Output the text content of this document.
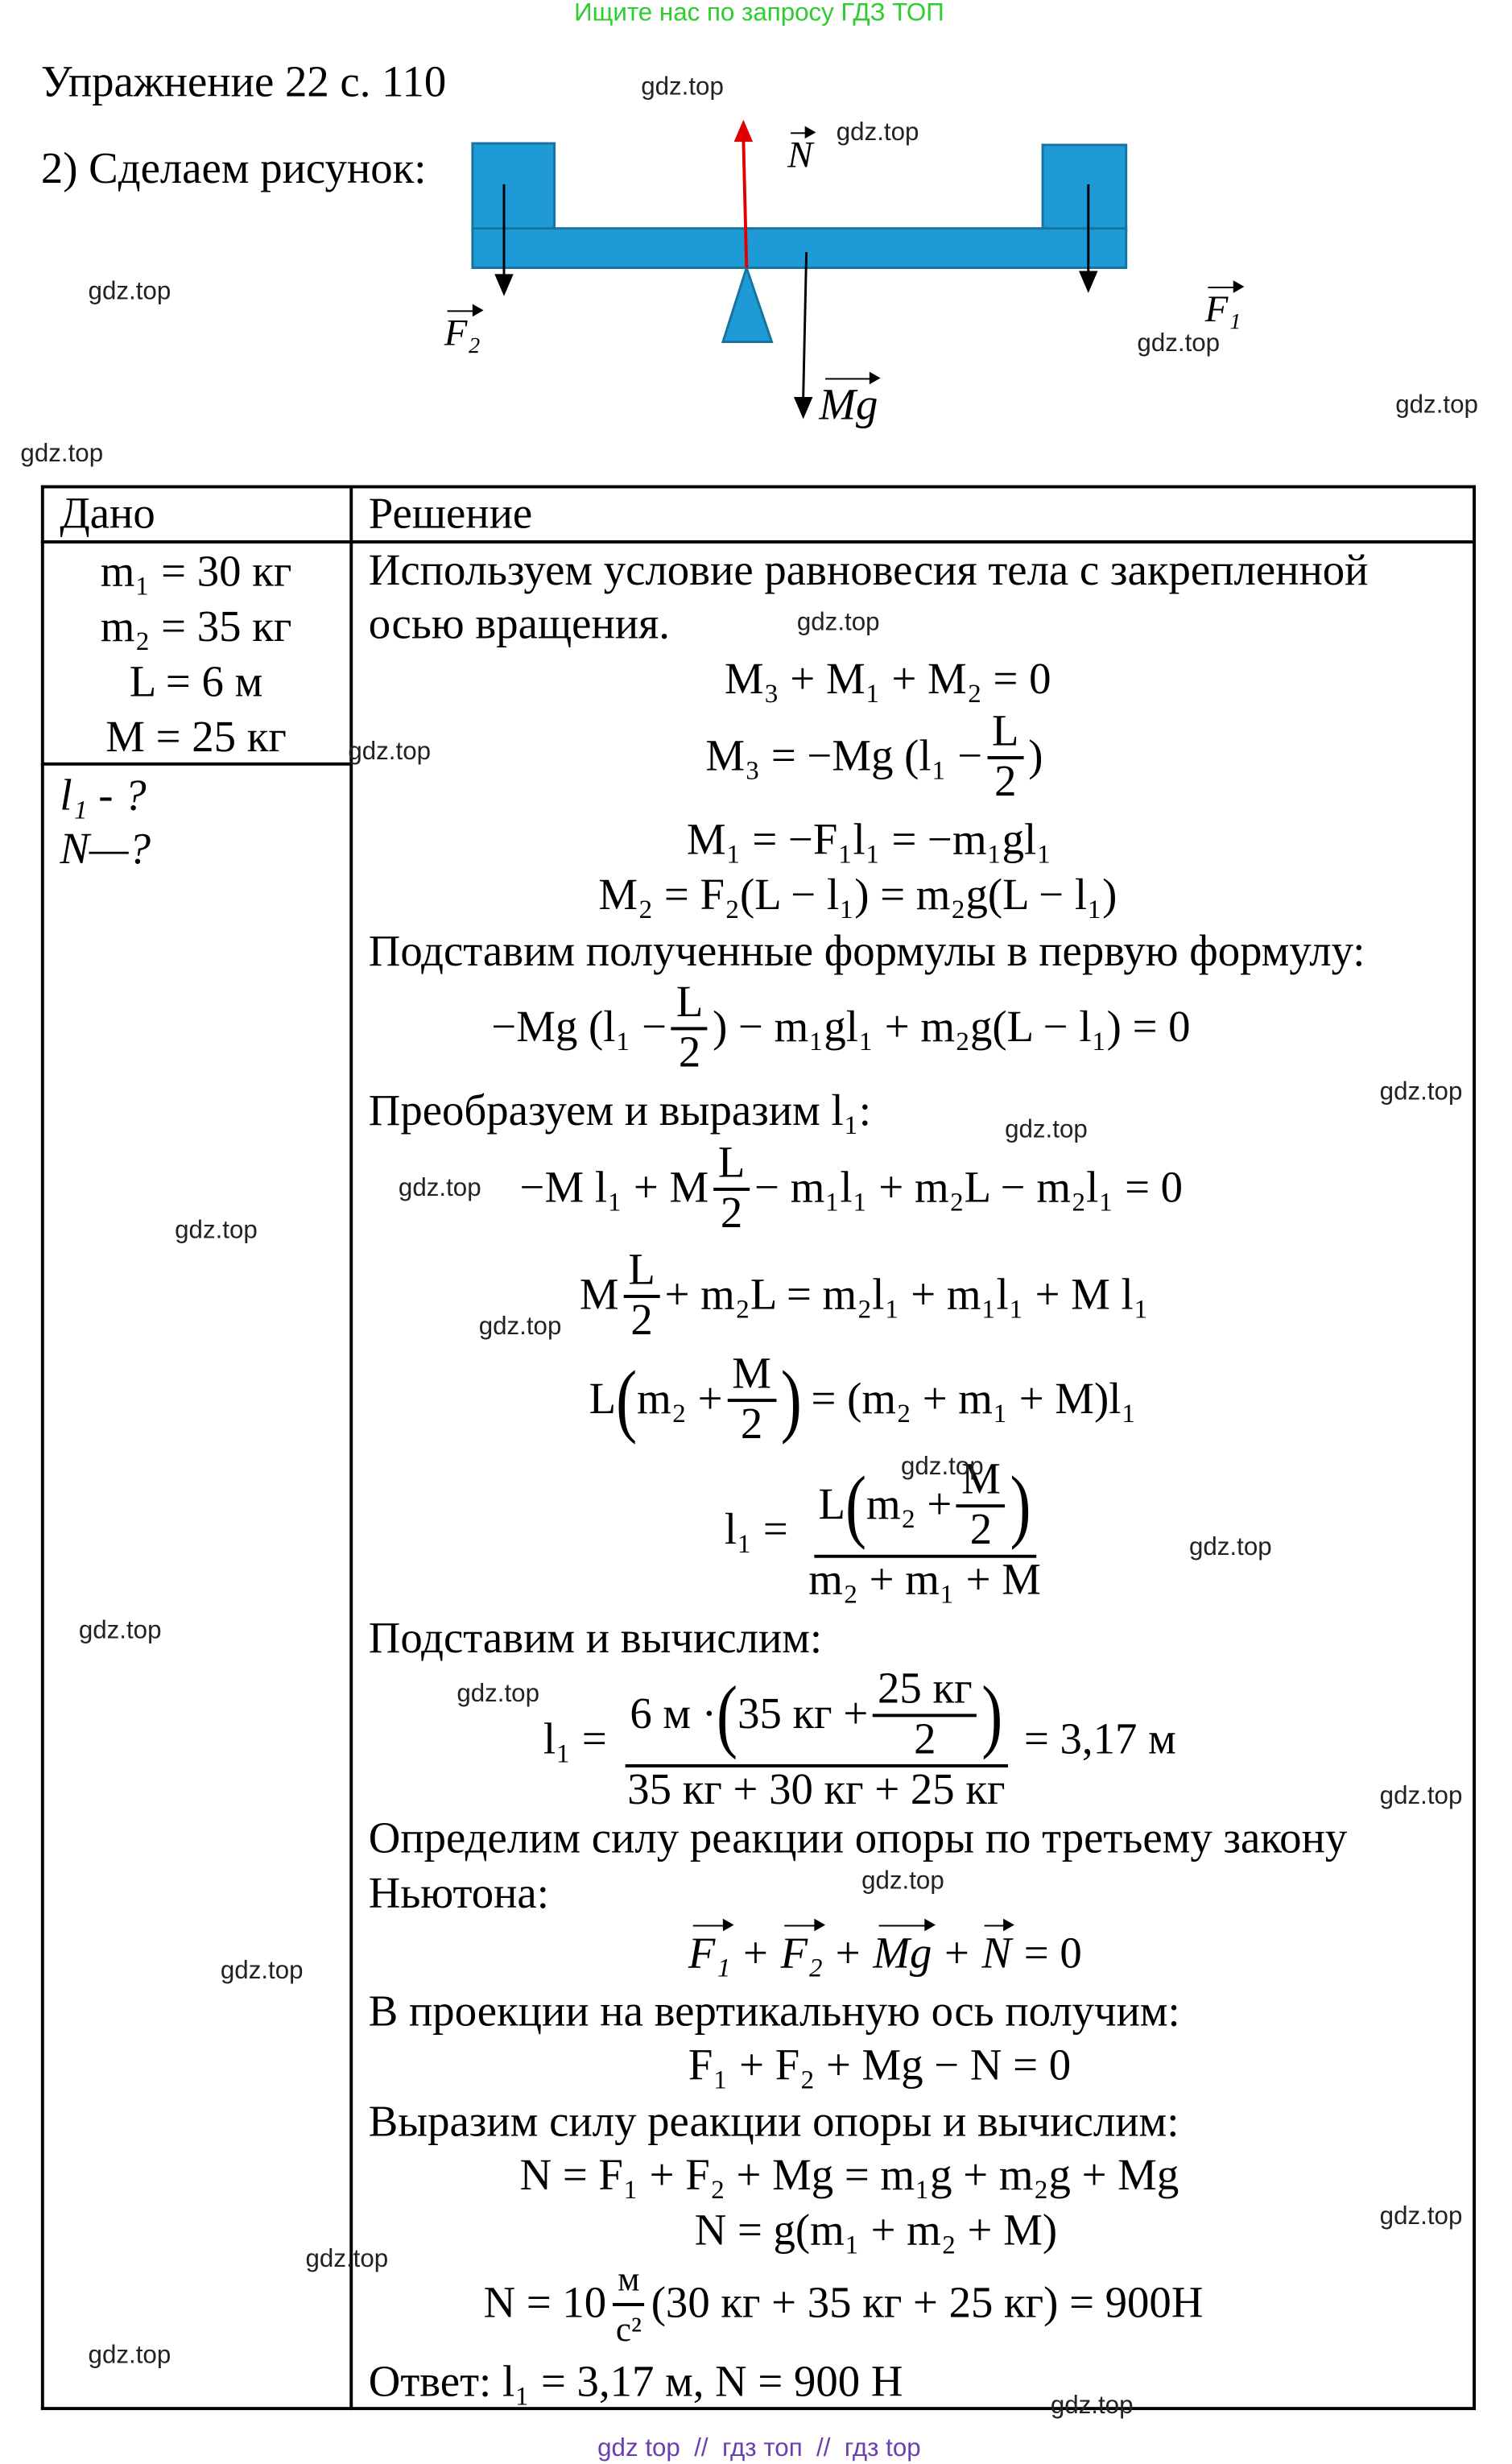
Ищите нас по запросу ГДЗ ТОП
Упражнение 22 с. 110
2) Сделаем рисунок:	N F₂ F₁ Mg
Дано	Решение
m₁ = 30 кг
m₂ = 35 кг
L = 6 м
M = 25 кг
l₁ - ?
N—?
Используем условие равновесия тела с закрепленной
осью вращения.
M₃ + M₁ + M₂ = 0
M₃ = −Mg ($l_1 - \frac{L}{2}$ )
M₁ = −F₁l₁ = −m₁gl₁
M₂ = F₂(L − l₁) = m₂g(L − l₁)
Подставим полученные формулы в первую формулу:
−Mg ($l_1 - \frac{L}{2}$ ) − m₁gl₁ + m₂g(L − l₁) = 0
Преобразуем и выразим l₁:
−M l₁ + M $\frac{L}{2} - m_1l_1 + m_2L - m_2l_1 = 0$
M $\frac{L}{2} + m_2L = m_2l_1 + m_1l_1 + M$ l₁
L ( $m_2 + \frac{M}{2}$ ) = (m₂ + m₁ + M)l₁
$l_1 = \frac{L ( m_2 + \frac{M}{2} )}{\text{m₂ + m₁ + M}}$
Подставим и вычислим:
$l_1 = \frac{6 м \cdot ( 35 кг + \frac{25 кг}{2} )}{35 кг + 30 кг + 25 кг} = 3,17$ м
Определим силу реакции опоры по третьему закону
Ньютона:
F₁ + F₂ + Mg + N = 0
В проекции на вертикальную ось получим:
F₁ + F₂ + Mg − N = 0
Выразим силу реакции опоры и вычислим:
N = F₁ + F₂ + Mg = m₁g + m₂g + Mg
N = g(m₁ + m₂ + M)
$N = 10 \frac{м}{\text{с²}} (30$ кг + 35 кг + 25 кг) = 900Н
Ответ: l₁ = 3,17 м, N = 900 Н
gdz.top
gdz.top
gdz.top
gdz.top
gdz.top
gdz.top
gdz.top
gdz.top
gdz.top
gdz.top
gdz.top
gdz.top
gdz.top
gdz.top
gdz.top
gdz.top
gdz.top
gdz.top
gdz.top
gdz.top
gdz.top
gdz.top
gdz.top
gdz.top
gdz top  //  гдз топ  //  гдз top
